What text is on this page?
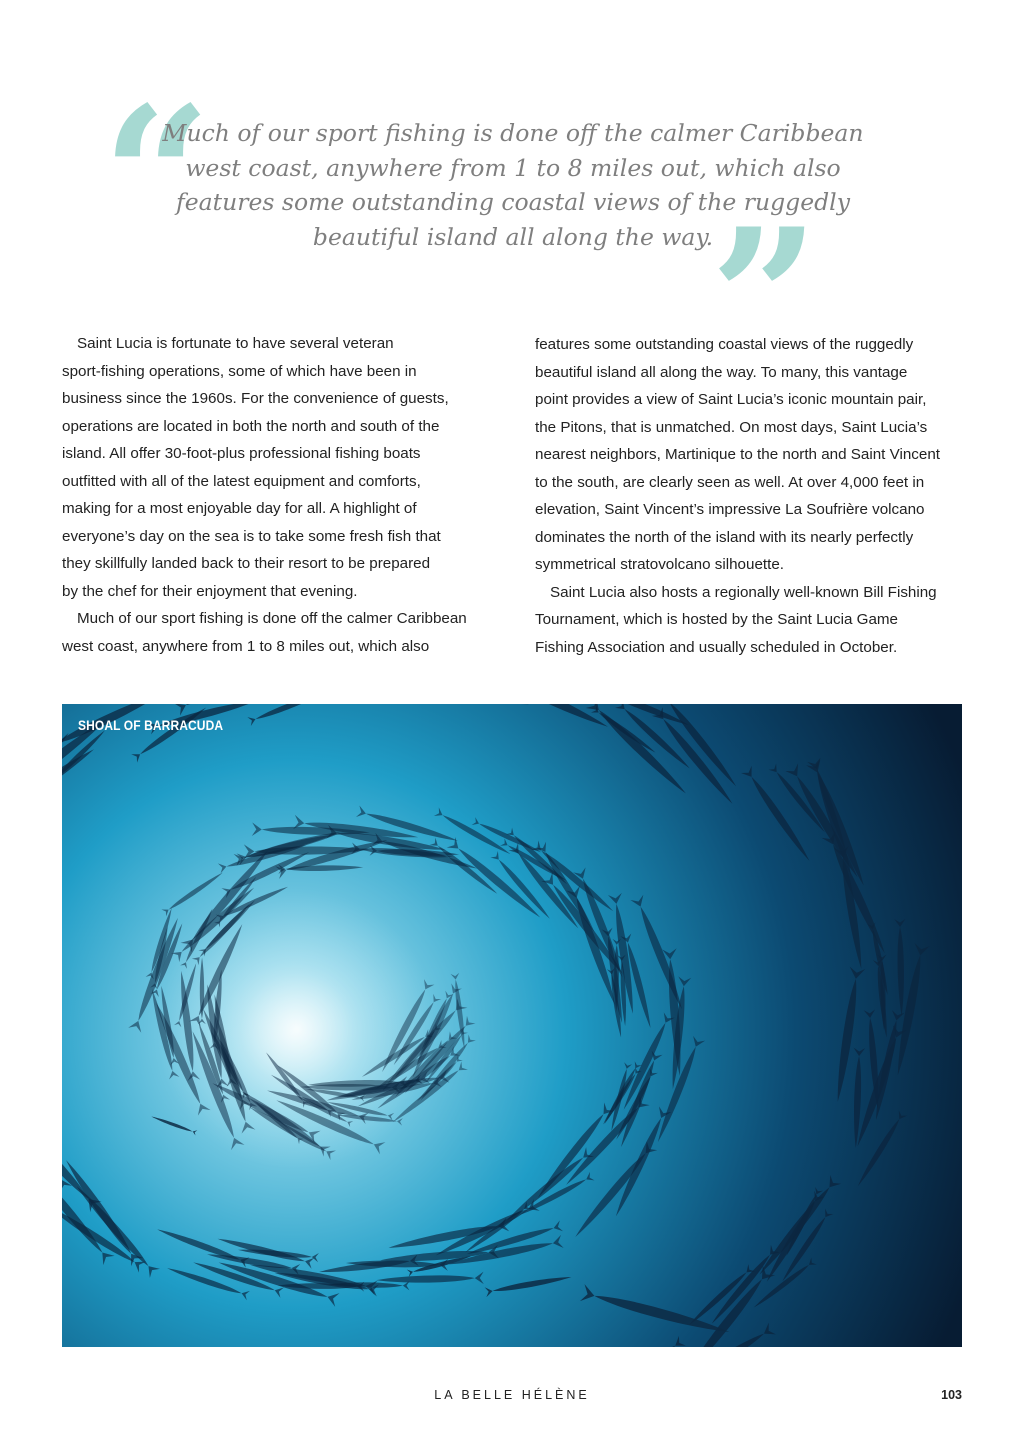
“
Much of our sport fishing is done off the calmer Caribbean
west coast, anywhere from 1 to 8 miles out, which also
features some outstanding coastal views of the ruggedly
beautiful island all along the way.
”
Saint Lucia is fortunate to have several veteran
sport-fishing operations, some of which have been in
business since the 1960s. For the convenience of guests,
operations are located in both the north and south of the
island. All offer 30-foot-plus professional fishing boats
outfitted with all of the latest equipment and comforts,
making for a most enjoyable day for all. A highlight of
everyone’s day on the sea is to take some fresh fish that
they skillfully landed back to their resort to be prepared
by the chef for their enjoyment that evening.
Much of our sport fishing is done off the calmer Caribbean
west coast, anywhere from 1 to 8 miles out, which also
features some outstanding coastal views of the ruggedly
beautiful island all along the way. To many, this vantage
point provides a view of Saint Lucia’s iconic mountain pair,
the Pitons, that is unmatched. On most days, Saint Lucia’s
nearest neighbors, Martinique to the north and Saint Vincent
to the south, are clearly seen as well. At over 4,000 feet in
elevation, Saint Vincent’s impressive La Soufrière volcano
dominates the north of the island with its nearly perfectly
symmetrical stratovolcano silhouette.
Saint Lucia also hosts a regionally well-known Bill Fishing
Tournament, which is hosted by the Saint Lucia Game
Fishing Association and usually scheduled in October.
SHOAL OF BARRACUDA
LA BELLE HÉLÈNE	103
